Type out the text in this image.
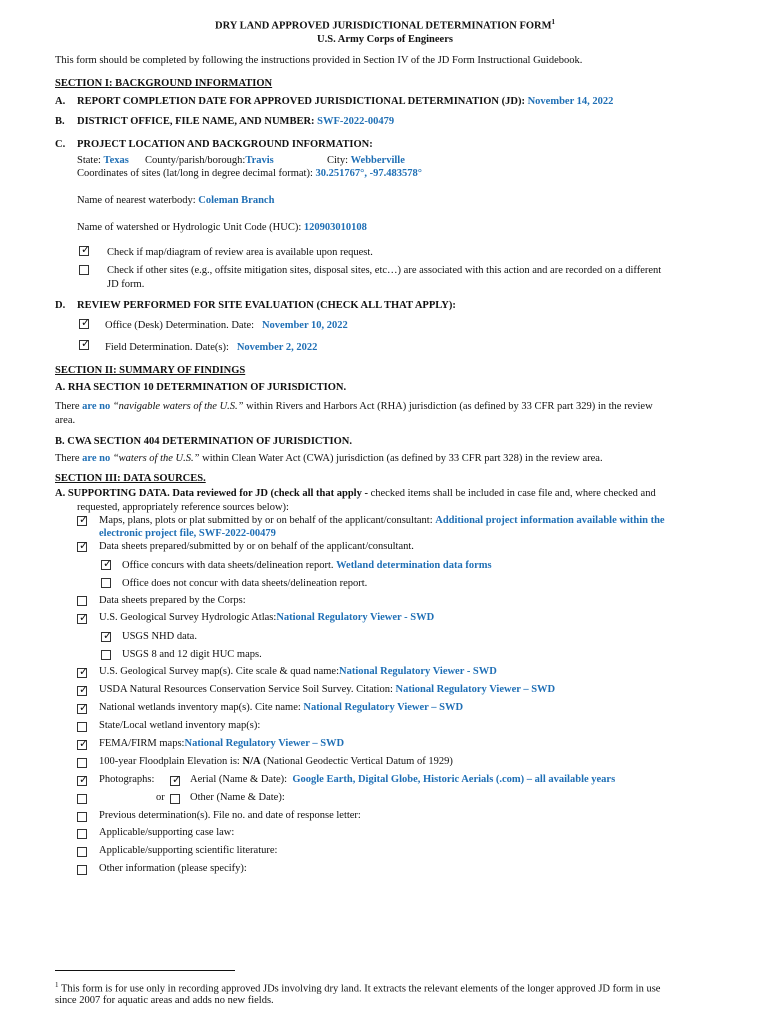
DRY LAND APPROVED JURISDICTIONAL DETERMINATION FORM$^1$
U.S. Army Corps of Engineers
This form should be completed by following the instructions provided in Section IV of the JD Form Instructional Guidebook.
SECTION I: BACKGROUND INFORMATION
A. REPORT COMPLETION DATE FOR APPROVED JURISDICTIONAL DETERMINATION (JD): November 14, 2022
B. DISTRICT OFFICE, FILE NAME, AND NUMBER: SWF-2022-00479
C. PROJECT LOCATION AND BACKGROUND INFORMATION:
State: Texas County/parish/borough:Travis	City: Webberville
Coordinates of sites (lat/long in degree decimal format): 30.251767°, -97.483578°
Name of nearest waterbody: Coleman Branch
Name of watershed or Hydrologic Unit Code (HUC): 120903010108
✓
Check if map/diagram of review area is available upon request.
Check if other sites (e.g., offsite mitigation sites, disposal sites, etc…) are associated with this action and are recorded on a different
JD form.
D. REVIEW PERFORMED FOR SITE EVALUATION (CHECK ALL THAT APPLY):
✓
Office (Desk) Determination. Date: November 10, 2022
✓
Field Determination. Date(s): November 2, 2022
SECTION II: SUMMARY OF FINDINGS
A. RHA SECTION 10 DETERMINATION OF JURISDICTION.
There are no “navigable waters of the U.S.” within Rivers and Harbors Act (RHA) jurisdiction (as defined by 33 CFR part 329) in the review
area.
B. CWA SECTION 404 DETERMINATION OF JURISDICTION.
There are no “waters of the U.S.” within Clean Water Act (CWA) jurisdiction (as defined by 33 CFR part 328) in the review area.
SECTION III: DATA SOURCES.
A. SUPPORTING DATA. Data reviewed for JD (check all that apply - checked items shall be included in case file and, where checked and
requested, appropriately reference sources below):
✓
Maps, plans, plots or plat submitted by or on behalf of the applicant/consultant: Additional project information available within the
electronic project file, SWF-2022-00479
✓
Data sheets prepared/submitted by or on behalf of the applicant/consultant.
✓
Office concurs with data sheets/delineation report. Wetland determination data forms
Office does not concur with data sheets/delineation report.
Data sheets prepared by the Corps:
✓
U.S. Geological Survey Hydrologic Atlas:National Regulatory Viewer - SWD
✓
USGS NHD data.
USGS 8 and 12 digit HUC maps.
✓
U.S. Geological Survey map(s). Cite scale & quad name:National Regulatory Viewer - SWD
✓
USDA Natural Resources Conservation Service Soil Survey. Citation: National Regulatory Viewer – SWD
✓
National wetlands inventory map(s). Cite name: National Regulatory Viewer – SWD
State/Local wetland inventory map(s):
✓
FEMA/FIRM maps:National Regulatory Viewer – SWD
100-year Floodplain Elevation is: N/A (National Geodectic Vertical Datum of 1929)
✓
Photographs:
✓	Aerial (Name & Date): Google Earth, Digital Globe, Historic Aerials (.com) – all available years
or Other (Name & Date):
Previous determination(s). File no. and date of response letter:
Applicable/supporting case law:
Applicable/supporting scientific literature:
Other information (please specify):
$^1$ This form is for use only in recording approved JDs involving dry land. It extracts the relevant elements of the longer approved JD form in use
since 2007 for aquatic areas and adds no new fields.
